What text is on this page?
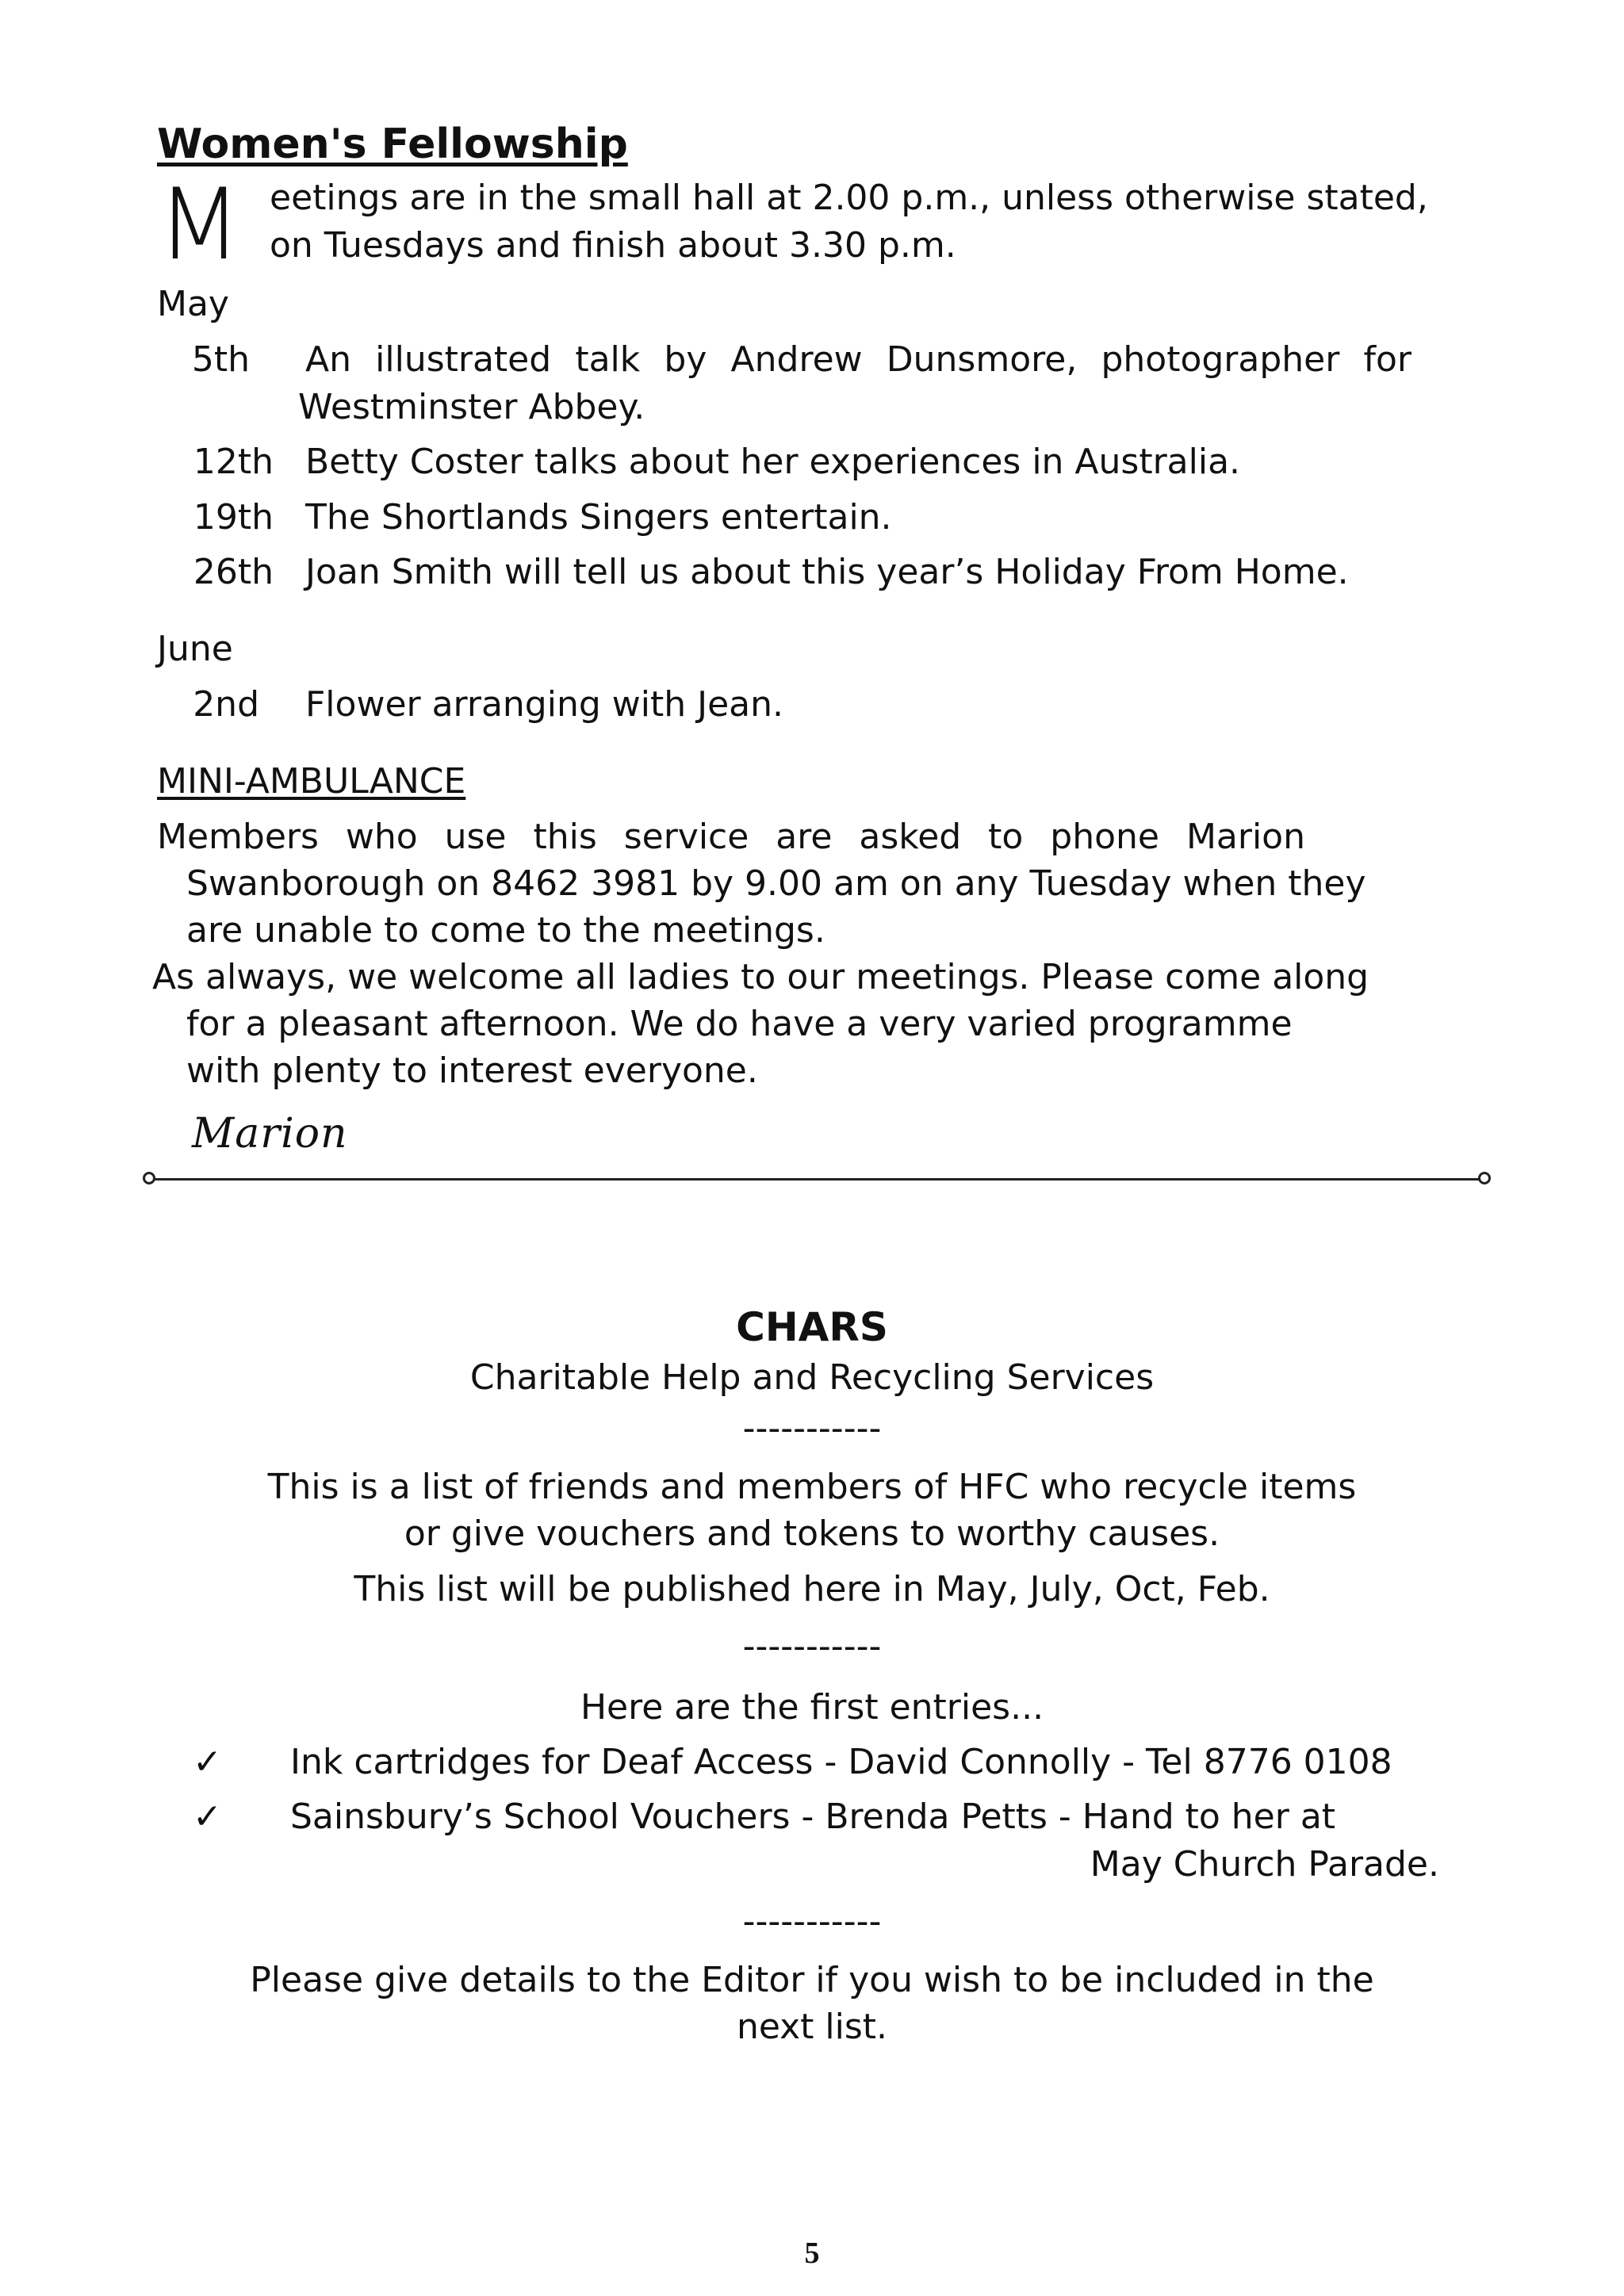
Women's Fellowship
M eetings are in the small hall at 2.00 p.m., unless otherwise stated,
on Tuesdays and finish about 3.30 p.m.
May
5th An illustrated talk by Andrew Dunsmore, photographer for
Westminster Abbey.
12th Betty Coster talks about her experiences in Australia.
19th The Shortlands Singers entertain.
26th Joan Smith will tell us about this year’s Holiday From Home.
June
2nd Flower arranging with Jean.
MINI-AMBULANCE
Members who use this service are asked to phone Marion
Swanborough on 8462 3981 by 9.00 am on any Tuesday when they
are unable to come to the meetings.
As always, we welcome all ladies to our meetings. Please come along
for a pleasant afternoon. We do have a very varied programme
with plenty to interest everyone.
Marion
CHARS
Charitable Help and Recycling Services
-----------
This is a list of friends and members of HFC who recycle items
or give vouchers and tokens to worthy causes.
This list will be published here in May, July, Oct, Feb.
-----------
Here are the first entries...
✓ Ink cartridges for Deaf Access - David Connolly - Tel 8776 0108
✓ Sainsbury’s School Vouchers - Brenda Petts - Hand to her at
May Church Parade.
-----------
Please give details to the Editor if you wish to be included in the
next list.
5
